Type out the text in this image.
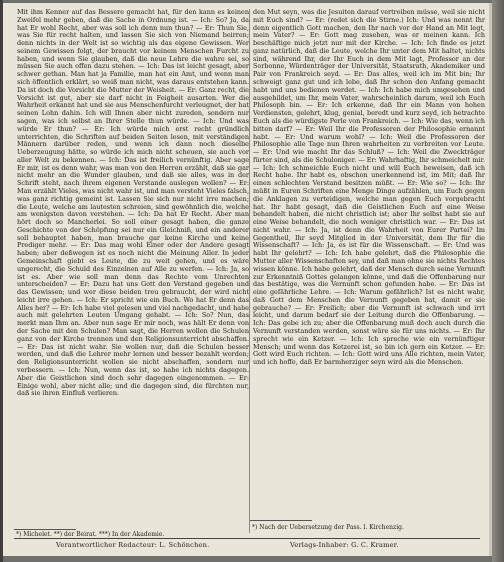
Mit ihm Kenner auf das Bessere gemacht hat, für den kann es keinen Zweifel mehr geben, daß die Sache in Ordnung ist. — Ich: So? Ja, da hat Er wohl Recht, aber was soll ich denn nun thun? — Er: Thun Sie, was Sie für recht halten, und lassen Sie sich von Niemand beirren; denn nichts in der Welt ist so wichtig als das eigene Gewissen. Wer seinem Gewissen folgt, der braucht vor keinem Menschen Furcht zu haben, und wenn Sie glauben, daß die neue Lehre die wahre sei, so müssen Sie auch offen dazu stehen. — Ich: Das ist leicht gesagt, aber schwer gethan. Man hat ja Familie, man hat ein Amt, und wenn man sich öffentlich erklärt, so weiß man nicht, was daraus entstehen kann. Da ist doch die Vorsicht die Mutter der Weisheit. — Er: Ganz recht, die Vorsicht ist gut, aber sie darf nicht in Feigheit ausarten. Wer die Wahrheit erkannt hat und sie aus Menschenfurcht verleugnet, der hat seinen Lohn dahin. Ich will Ihnen aber nicht zureden, sondern nur sagen, was ich selbst an Ihrer Stelle thun würde. — Ich: Und was würde Er thun? — Er: Ich würde mich erst recht gründlich unterrichten, die Schriften auf beiden Seiten lesen, mit verständigen Männern darüber reden, und wenn ich dann noch dieselbe Ueberzeugung hätte, so würde ich mich nicht scheuen, sie auch vor aller Welt zu bekennen. — Ich: Das ist freilich vernünftig. Aber sage Er mir, ist es denn wahr, was man von den Herren erzählt, daß sie gar nicht mehr an die Wunder glauben, und daß sie alles, was in der Schrift steht, nach ihrem eigenen Verstande auslegen wollen? — Er: Man erzählt Vieles, was nicht wahr ist, und man versteht Vieles falsch, was ganz richtig gemeint ist. Lassen Sie sich nur nicht irre machen; die Leute, welche am lautesten schreien, sind gewöhnlich die, welche am wenigsten davon verstehen. — Ich: Da hat Er Recht. Aber man hört doch so Mancherlei. So soll einer gesagt haben, die ganze Geschichte von der Schöpfung sei nur ein Gleichniß, und ein anderer soll behauptet haben, man brauche gar keine Kirche und keine Prediger mehr. — Er: Das mag wohl Einer oder der Andere gesagt haben; aber deßwegen ist es noch nicht die Meinung Aller. In jeder Gemeinschaft giebt es Leute, die zu weit gehen, und es wäre ungerecht, die Schuld des Einzelnen auf Alle zu werfen. — Ich: Ja, so ist es. Aber wie soll man denn das Rechte vom Unrechten unterscheiden? — Er: Dazu hat uns Gott den Verstand gegeben und das Gewissen; und wer diese beiden treu gebraucht, der wird nicht leicht irre gehen. — Ich: Er spricht wie ein Buch. Wo hat Er denn das Alles her? — Er: Ich habe viel gelesen und viel nachgedacht, und habe auch mit gelehrten Leuten Umgang gehabt. — Ich: So? Nun, das merkt man Ihm an. Aber nun sage Er mir noch, was hält Er denn von der Sache mit den Schulen? Man sagt, die Herren wollen die Schulen ganz von der Kirche trennen und den Religionsunterricht abschaffen. — Er: Das ist nicht wahr. Sie wollen nur, daß die Schulen besser werden, und daß die Lehrer mehr lernen und besser bezahlt werden; den Religionsunterricht wollen sie nicht abschaffen, sondern nur verbessern. — Ich: Nun, wenn das ist, so habe ich nichts dagegen. Aber die Geistlichen sind doch sehr dagegen eingenommen. — Er: Einige wohl, aber nicht alle; und die dagegen sind, die fürchten nur, daß sie ihren Einfluß verlieren.

den Mut seyn, was die Jesuiten darauf vertreiben müsse, weil sie nicht mit Euch sind? — Er: (redet sich die Stirne.) Ich: Und was nennt Ihr denn eigentlich Gott machen, den Ihr nach vor der Hand an Mit legt, mein Vater? — Er: Gott mag zusehen, was er meinen kann. Ich beschäftige mich jetzt nur mit der Kirche. — Ich: Ich finde es jetzt ganz natürlich, daß die Leute, welche Ihr unter dem Mit haltet, nichts sind, während Ihr, der Ihr Euch in dem Mit lagt, Professor an der Sorbonne, Würdenträger der Universität, Staatsrath, Akademiker und Pair von Frankreich seyd. — Er: Das alles, weil ich im Mit bin; Ihr schweigt ganz gut und ich lebe, daß Ihr schon den Anfang gemacht habt und uns bedienen werdet. — Ich: Ich habe mich umgesehen und ausgebildet, um Ihr, mein Vater, wahrscheinlich darum, weil ich Euch Philosoph bin. — Er: Ich erkenne, daß Ihr ein Mann von hohen Verdiensten, gelehrt, klug, genial, beredt und kurz seyd, ich betrachte Euch als die würdigste Perle von Frankreich. — Ich: Wie das, wenn ich bitten darf? — Er: Weil Ihr die Professoren der Philosophie ernannt habt. — Er: Und warum wohl? — Ich: Weil die Professoren der Philosophie alle Tage nun Ihren wahrheiten zu verbreiten vor Leute. — Er: Und wie macht Ihr das Schluß? — Ich: Weil die Zweckträger fürter sind, als die Schuloniger. — Er: Wahrhaftig, Ihr schmeichelt mir. — Ich: Ich schmeichle Euch nicht und will Euch beweisen, daß ich Recht habe. Ihr habt es, obschon unerkennend ist, im Mit; daß Ihr einen schlechten Verstand besitzen müßt. — Er: Wie so? — Ich: Ihr müßt in Euren Schriften eine Menge Dinge aufzählen, um Euch gegen die Anklagen zu verteidigen, welche man gegen Euch vorgebracht hat. Ihr habt gesagt, daß die Geistlichen Euch auf eine Weise behandelt haben, die nicht christlich ist; aber Ihr selbst habt sie auf eine Weise behandelt, die noch weniger christlich war. — Er: Das ist nicht wahr. — Ich: Ja, ist denn die Wahrheit von Eurer Partei? Im Gegentheil, Ihr seyd Mitglied in der Universität, dem Ihr für die Wissenschaft? — Ich: Ja, es ist für die Wissenschaft. — Er: Und was habt Ihr gelehrt? — Ich: Ich habe gelehrt, daß die Philosophie die Mutter aller Wissenschaften sey, und daß man ohne sie nichts Rechtes wissen könne. Ich habe gelehrt, daß der Mensch durch seine Vernunft zur Erkenntniß Gottes gelangen könne, und daß die Offenbarung nur das bestätige, was die Vernunft schon gefunden habe. — Er: Das ist eine gefährliche Lehre. — Ich: Warum gefährlich? Ist es nicht wahr, daß Gott dem Menschen die Vernunft gegeben hat, damit er sie gebrauche? — Er: Freilich; aber die Vernunft ist schwach und irrt leicht, und darum bedarf sie der Leitung durch die Offenbarung. — Ich: Das gebe ich zu; aber die Offenbarung muß doch auch durch die Vernunft verstanden werden, sonst wäre sie für uns nichts. — Er: Ihr sprecht wie ein Ketzer. — Ich: Ich spreche wie ein vernünftiger Mensch; und wenn das Ketzerei ist, so bin ich gern ein Ketzer. — Er: Gott wird Euch richten. — Ich: Gott wird uns Alle richten, mein Vater, und ich hoffe, daß Er barmherziger seyn wird als die Menschen.

*) Michelet. **) der Beirat. ***) In der Akademie.
*) Nach der Uebersetzung der Pass. l. Kirchenzig.
Verantwortlicher Redacteur: L. Schönchen.	Verlags-Inhaber: G. C. Kramer.
